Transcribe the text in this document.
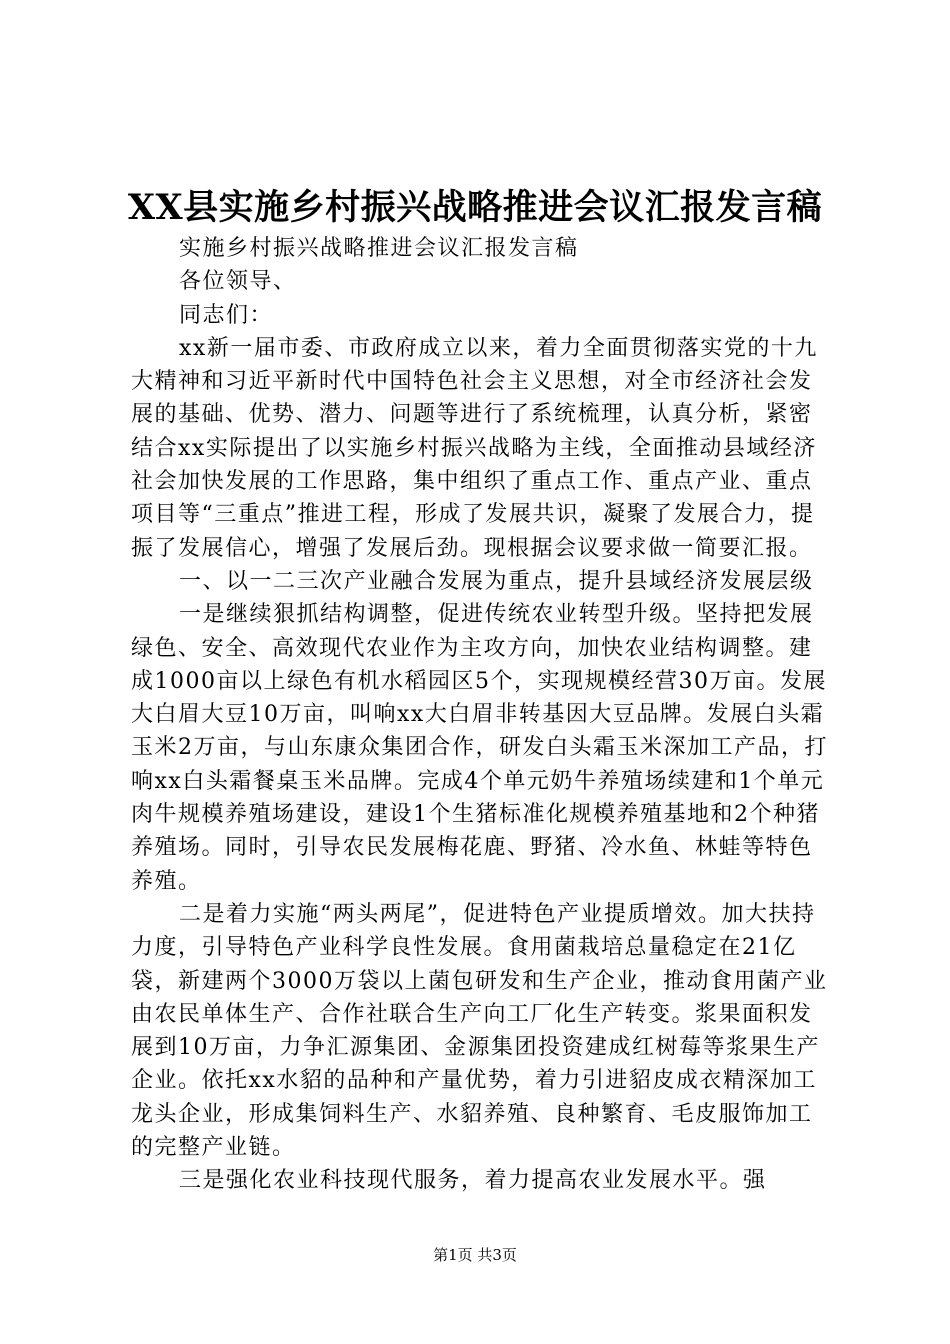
XX县实施乡村振兴战略推进会议汇报发言稿

实施乡村振兴战略推进会议汇报发言稿

各位领导、

同志们：

xx新一届市委、市政府成立以来，着力全面贯彻落实党的十九大精神和习近平新时代中国特色社会主义思想，对全市经济社会发展的基础、优势、潜力、问题等进行了系统梳理，认真分析，紧密结合xx实际提出了以实施乡村振兴战略为主线，全面推动县域经济社会加快发展的工作思路，集中组织了重点工作、重点产业、重点项目等“三重点”推进工程，形成了发展共识，凝聚了发展合力，提振了发展信心，增强了发展后劲。现根据会议要求做一简要汇报。

一、以一二三次产业融合发展为重点，提升县域经济发展层级

一是继续狠抓结构调整，促进传统农业转型升级。坚持把发展绿色、安全、高效现代农业作为主攻方向，加快农业结构调整。建成1000亩以上绿色有机水稻园区5个，实现规模经营30万亩。发展大白眉大豆10万亩，叫响xx大白眉非转基因大豆品牌。发展白头霜玉米2万亩，与山东康众集团合作，研发白头霜玉米深加工产品，打响xx白头霜餐桌玉米品牌。完成4个单元奶牛养殖场续建和1个单元肉牛规模养殖场建设，建设1个生猪标准化规模养殖基地和2个种猪养殖场。同时，引导农民发展梅花鹿、野猪、冷水鱼、林蛙等特色养殖。

二是着力实施“两头两尾”，促进特色产业提质增效。加大扶持力度，引导特色产业科学良性发展。食用菌栽培总量稳定在21亿袋，新建两个3000万袋以上菌包研发和生产企业，推动食用菌产业由农民单体生产、合作社联合生产向工厂化生产转变。浆果面积发展到10万亩，力争汇源集团、金源集团投资建成红树莓等浆果生产企业。依托xx水貂的品种和产量优势，着力引进貂皮成衣精深加工龙头企业，形成集饲料生产、水貂养殖、良种繁育、毛皮服饰加工的完整产业链。

三是强化农业科技现代服务，着力提高农业发展水平。强

第1页 共3页
